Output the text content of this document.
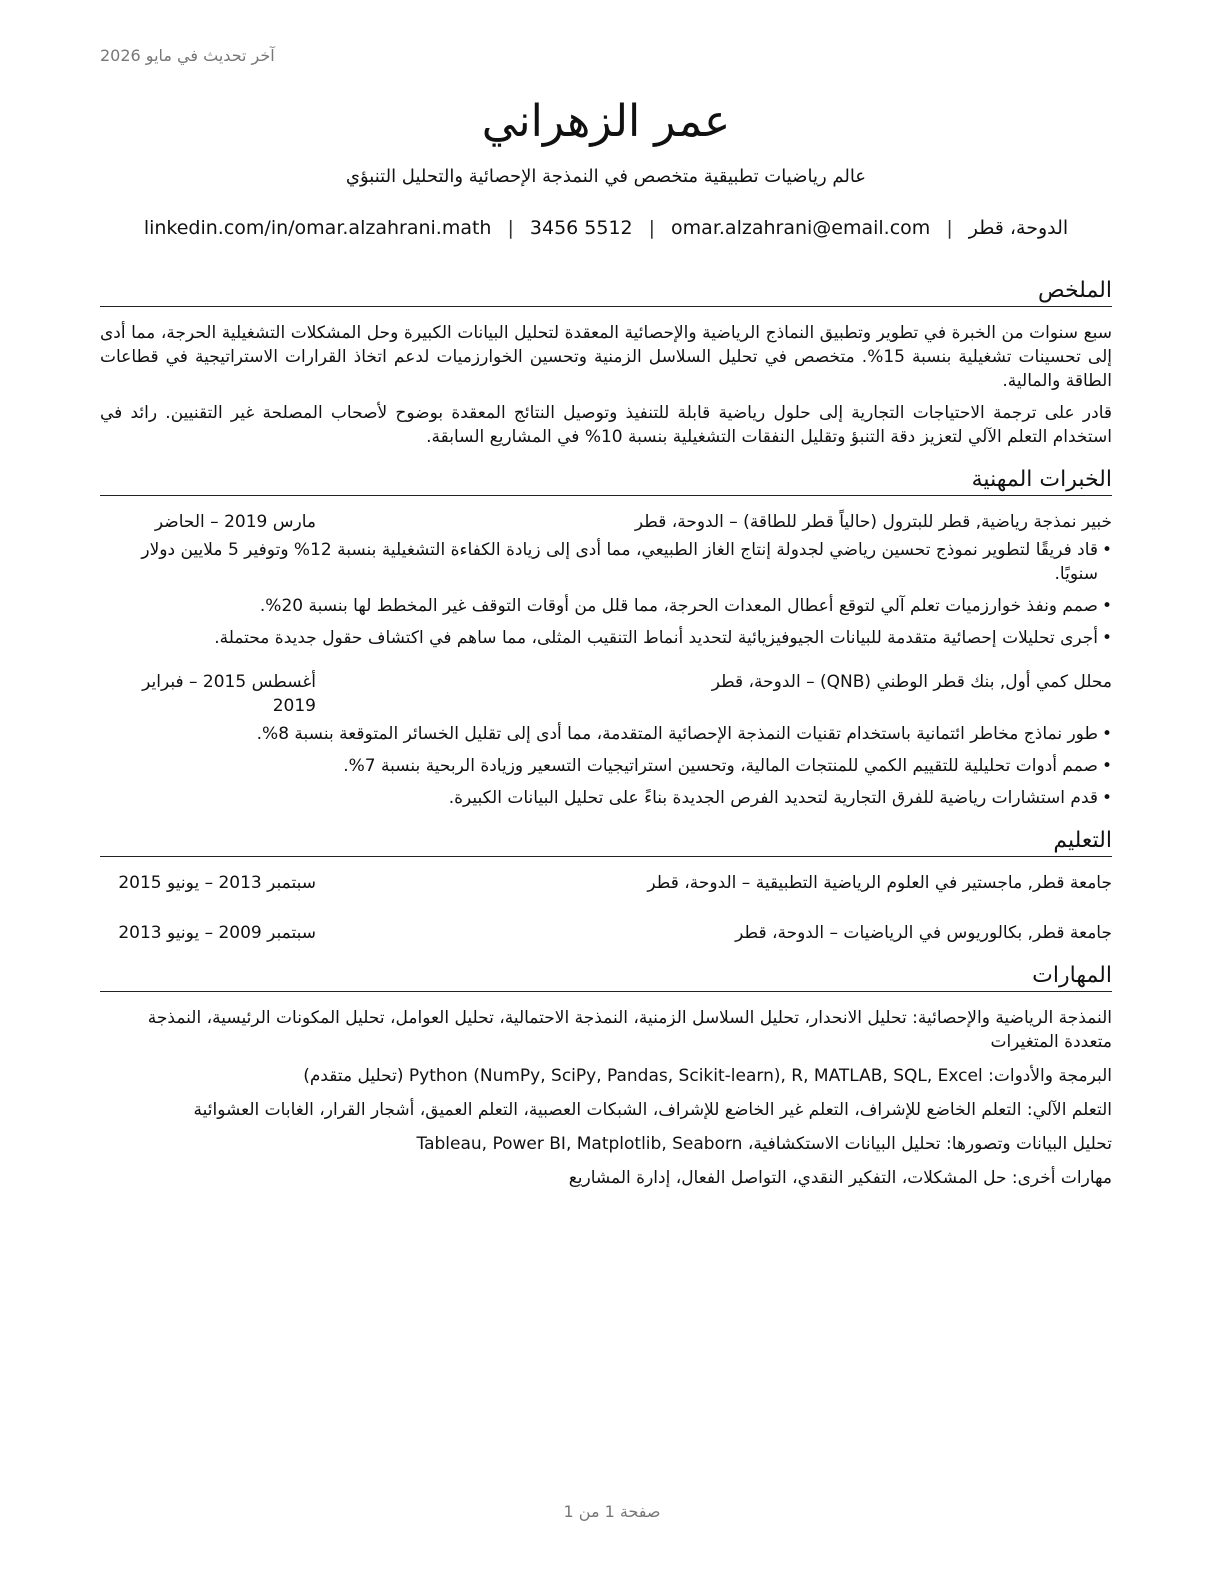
آخر تحديث في مايو 2026
عمر الزهراني
عالم رياضيات تطبيقية متخصص في النمذجة الإحصائية والتحليل التنبؤي
الدوحة، قطر
|
omar.alzahrani@email.com
|
3456 5512
|
linkedin.com/in/omar.alzahrani.math
الملخص

سبع سنوات من الخبرة في تطوير وتطبيق النماذج الرياضية والإحصائية المعقدة لتحليل البيانات الكبيرة وحل المشكلات التشغيلية الحرجة، مما أدى إلى تحسينات تشغيلية بنسبة 15%. متخصص في تحليل السلاسل الزمنية وتحسين الخوارزميات لدعم اتخاذ القرارات الاستراتيجية في قطاعات الطاقة والمالية.

قادر على ترجمة الاحتياجات التجارية إلى حلول رياضية قابلة للتنفيذ وتوصيل النتائج المعقدة بوضوح لأصحاب المصلحة غير التقنيين. رائد في استخدام التعلم الآلي لتعزيز دقة التنبؤ وتقليل النفقات التشغيلية بنسبة 10% في المشاريع السابقة.

الخبرات المهنية
خبير نمذجة رياضية, قطر للبترول (حالياً قطر للطاقة) – الدوحة، قطر
مارس 2019 – الحاضر
• قاد فريقًا لتطوير نموذج تحسين رياضي لجدولة إنتاج الغاز الطبيعي، مما أدى إلى زيادة الكفاءة التشغيلية بنسبة 12% وتوفير 5 ملايين دولار سنويًا.
• صمم ونفذ خوارزميات تعلم آلي لتوقع أعطال المعدات الحرجة، مما قلل من أوقات التوقف غير المخطط لها بنسبة 20%.
• أجرى تحليلات إحصائية متقدمة للبيانات الجيوفيزيائية لتحديد أنماط التنقيب المثلى، مما ساهم في اكتشاف حقول جديدة محتملة.
محلل كمي أول, بنك قطر الوطني (QNB) – الدوحة، قطر
أغسطس 2015 – فبراير 2019
• طور نماذج مخاطر ائتمانية باستخدام تقنيات النمذجة الإحصائية المتقدمة، مما أدى إلى تقليل الخسائر المتوقعة بنسبة 8%.
• صمم أدوات تحليلية للتقييم الكمي للمنتجات المالية، وتحسين استراتيجيات التسعير وزيادة الربحية بنسبة 7%.
• قدم استشارات رياضية للفرق التجارية لتحديد الفرص الجديدة بناءً على تحليل البيانات الكبيرة.
التعليم
جامعة قطر, ماجستير في العلوم الرياضية التطبيقية – الدوحة، قطر
سبتمبر 2013 – يونيو 2015
جامعة قطر, بكالوريوس في الرياضيات – الدوحة، قطر
سبتمبر 2009 – يونيو 2013
المهارات
النمذجة الرياضية والإحصائية: تحليل الانحدار، تحليل السلاسل الزمنية، النمذجة الاحتمالية، تحليل العوامل، تحليل المكونات الرئيسية، النمذجة متعددة المتغيرات
البرمجة والأدوات: Python (NumPy, SciPy, Pandas, Scikit-learn), R, MATLAB, SQL, Excel (تحليل متقدم)
التعلم الآلي: التعلم الخاضع للإشراف، التعلم غير الخاضع للإشراف، الشبكات العصبية، التعلم العميق، أشجار القرار، الغابات العشوائية
تحليل البيانات وتصورها: تحليل البيانات الاستكشافية، Tableau, Power BI, Matplotlib, Seaborn
مهارات أخرى: حل المشكلات، التفكير النقدي، التواصل الفعال، إدارة المشاريع
صفحة 1 من 1
